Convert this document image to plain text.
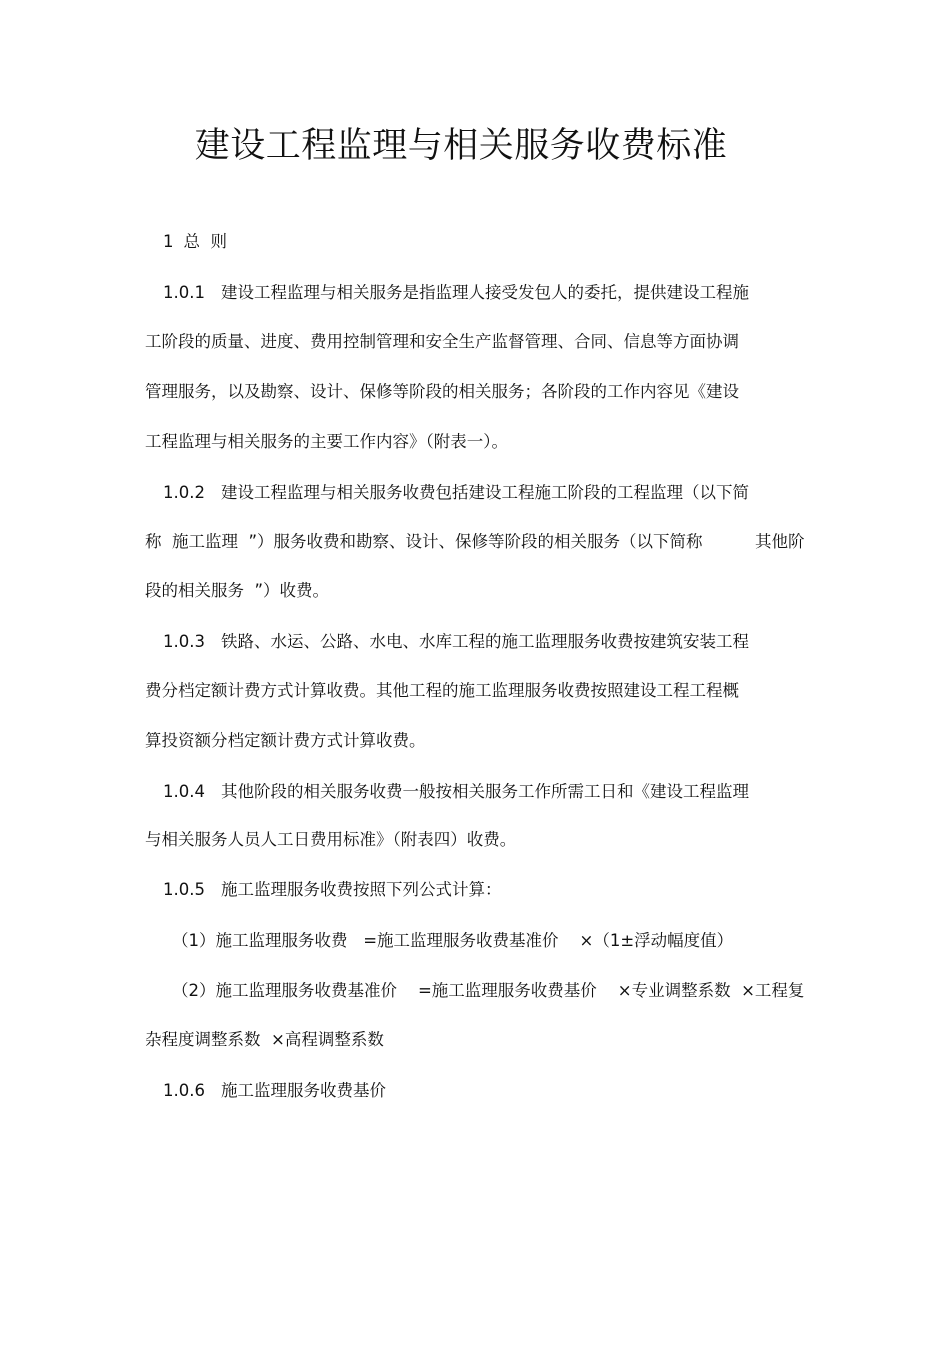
建设工程监理与相关服务收费标准

1 总  则

1.0.1 建设工程监理与相关服务是指监理人接受发包人的委托，提供建设工程施

工阶段的质量、进度、费用控制管理和安全生产监督管理、合同、信息等方面协调

管理服务，以及勘察、设计、保修等阶段的相关服务；各阶段的工作内容见《建设

工程监理与相关服务的主要工作内容》（附表一）。

1.0.2 建设工程监理与相关服务收费包括建设工程施工阶段的工程监理（以下简

称  施工监理  ”）服务收费和勘察、设计、保修等阶段的相关服务（以下简称          其他阶

段的相关服务  ”）收费。

1.0.3 铁路、水运、公路、水电、水库工程的施工监理服务收费按建筑安装工程

费分档定额计费方式计算收费。其他工程的施工监理服务收费按照建设工程工程概

算投资额分档定额计费方式计算收费。

1.0.4 其他阶段的相关服务收费一般按相关服务工作所需工日和《建设工程监理

与相关服务人员人工日费用标准》（附表四）收费。

1.0.5 施工监理服务收费按照下列公式计算：

（1）施工监理服务收费   =施工监理服务收费基准价    ×（1±浮动幅度值）

（2）施工监理服务收费基准价    =施工监理服务收费基价    ×专业调整系数  ×工程复

杂程度调整系数  ×高程调整系数

1.0.6 施工监理服务收费基价
